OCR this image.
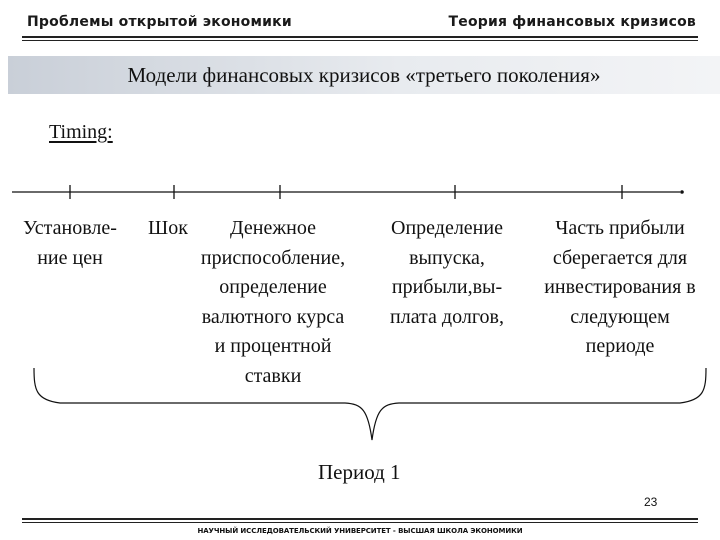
Проблемы открытой экономики	Теория финансовых кризисов
Модели финансовых кризисов «третьего поколения»
Timing:
Установле-
ние цен
Шок	Денежное
приспособление,
определение
валютного курса
и процентной
ставки
Определение
выпуска,
прибыли,вы-
плата долгов,
Часть прибыли
сберегается для
инвестирования в
следующем
периоде
Период 1
23
НАУЧНЫЙ ИССЛЕДОВАТЕЛЬСКИЙ УНИВЕРСИТЕТ - ВЫСШАЯ ШКОЛА ЭКОНОМИКИ
